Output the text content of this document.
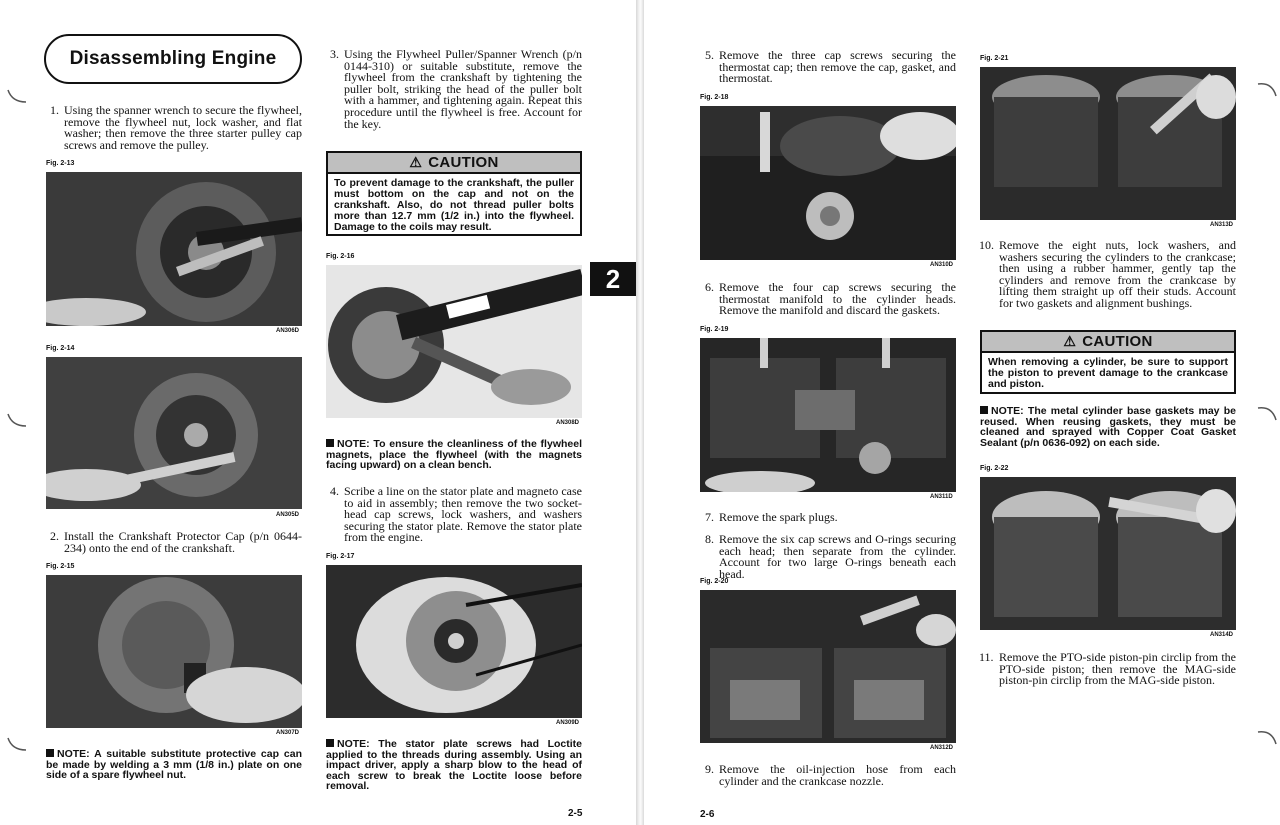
Disassembling Engine
1. Using the spanner wrench to secure the flywheel, remove the flywheel nut, lock washer, and flat washer; then remove the three starter pulley cap screws and remove the pulley.
Fig. 2-13
AN306D
Fig. 2-14
AN305D
2. Install the Crankshaft Protector Cap (p/n 0644-234) onto the end of the crankshaft.
Fig. 2-15
AN307D
NOTE: A suitable substitute protective cap can be made by welding a 3 mm (1/8 in.) plate on one side of a spare flywheel nut.
3. Using the Flywheel Puller/Spanner Wrench (p/n 0144-310) or suitable substitute, remove the flywheel from the crankshaft by tightening the puller bolt, striking the head of the puller bolt with a hammer, and tightening again. Repeat this procedure until the flywheel is free. Account for the key.
⚠ CAUTION
To prevent damage to the crankshaft, the puller must bottom on the cap and not on the crankshaft. Also, do not thread puller bolts more than 12.7 mm (1/2 in.) into the flywheel. Damage to the coils may result.
Fig. 2-16
AN308D
NOTE: To ensure the cleanliness of the flywheel magnets, place the flywheel (with the magnets facing upward) on a clean bench.
4. Scribe a line on the stator plate and magneto case to aid in assembly; then remove the two socket-head cap screws, lock washers, and washers securing the stator plate. Remove the stator plate from the engine.
Fig. 2-17
AN309D
NOTE: The stator plate screws had Loctite applied to the threads during assembly. Using an impact driver, apply a sharp blow to the head of each screw to break the Loctite loose before removal.
2
2-5
5. Remove the three cap screws securing the thermostat cap; then remove the cap, gasket, and thermostat.
Fig. 2-18
AN310D
6. Remove the four cap screws securing the thermostat manifold to the cylinder heads. Remove the manifold and discard the gaskets.
Fig. 2-19
AN311D
7. Remove the spark plugs.
8. Remove the six cap screws and O-rings securing each head; then separate from the cylinder. Account for two large O-rings beneath each head.
Fig. 2-20
AN312D
9. Remove the oil-injection hose from each cylinder and the crankcase nozzle.
2-6
Fig. 2-21
AN313D
10. Remove the eight nuts, lock washers, and washers securing the cylinders to the crankcase; then using a rubber hammer, gently tap the cylinders and remove from the crankcase by lifting them straight up off their studs. Account for two gaskets and alignment bushings.
⚠ CAUTION
When removing a cylinder, be sure to support the piston to prevent damage to the crankcase and piston.
NOTE: The metal cylinder base gaskets may be reused. When reusing gaskets, they must be cleaned and sprayed with Copper Coat Gasket Sealant (p/n 0636-092) on each side.
Fig. 2-22
AN314D
11. Remove the PTO-side piston-pin circlip from the PTO-side piston; then remove the MAG-side piston-pin circlip from the MAG-side piston.
